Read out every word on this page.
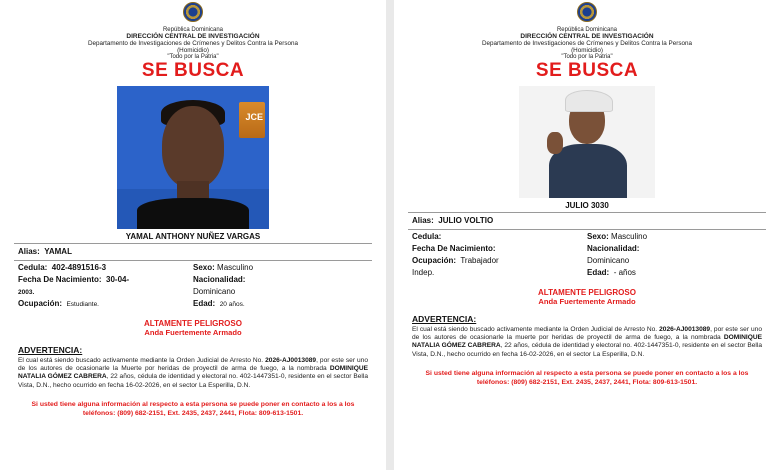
República Dominicana
DIRECCIÓN CENTRAL DE INVESTIGACIÓN
Departamento de Investigaciones de Crímenes y Delitos Contra la Persona
(Homicidio)
"Todo por la Patria"
SE BUSCA
JCE
YAMAL ANTHONY NUÑEZ VARGAS
Alias:
YAMAL
Cedula: 402-4891516-3
Fecha De Nacimiento: 30-04-
2003.
Ocupación: Estudiante.
Sexo: Masculino
Nacionalidad:
Dominicano
Edad: 20 años.
ALTAMENTE PELIGROSO
Anda Fuertemente Armado
ADVERTENCIA:
El cual está siendo buscado activamente mediante la Orden Judicial de Arresto No. 2026-AJ0013089, por este ser uno de los autores de ocasionarle la Muerte por heridas de proyectil de arma de fuego, a la nombrada DOMINIQUE NATALIA GÓMEZ CABRERA, 22 años, cédula de identidad y electoral no. 402-1447351-0, residente en el sector Bella Vista, D.N., hecho ocurrido en fecha 16-02-2026, en el sector La Esperilla, D.N.
Si usted tiene alguna información al respecto a esta persona se puede poner en contacto a los a los teléfonos: (809) 682-2151, Ext. 2435, 2437, 2441, Flota: 809-613-1501.
República Dominicana
DIRECCIÓN CENTRAL DE INVESTIGACIÓN
Departamento de Investigaciones de Crímenes y Delitos Contra la Persona
(Homicidio)
"Todo por la Patria"
SE BUSCA
JULIO 3030
Alias:
JULIO VOLTIO
Cedula:
Fecha De Nacimiento:
Ocupación: Trabajador
Indep.
Sexo: Masculino
Nacionalidad:
Dominicano
Edad: - años
ALTAMENTE PELIGROSO
Anda Fuertemente Armado
ADVERTENCIA:
El cual está siendo buscado activamente mediante la Orden Judicial de Arresto No. 2026-AJ0013089, por este ser uno de los autores de ocasionarle la muerte por heridas de proyectil de arma de fuego, a la nombrada DOMINIQUE NATALIA GÓMEZ CABRERA, 22 años, cédula de identidad y electoral no. 402-1447351-0, residente en el sector Bella Vista, D.N., hecho ocurrido en fecha 16-02-2026, en el sector La Esperilla, D.N.
Si usted tiene alguna información al respecto a esta persona se puede poner en contacto a los a los teléfonos: (809) 682-2151, Ext. 2435, 2437, 2441, Flota: 809-613-1501.
